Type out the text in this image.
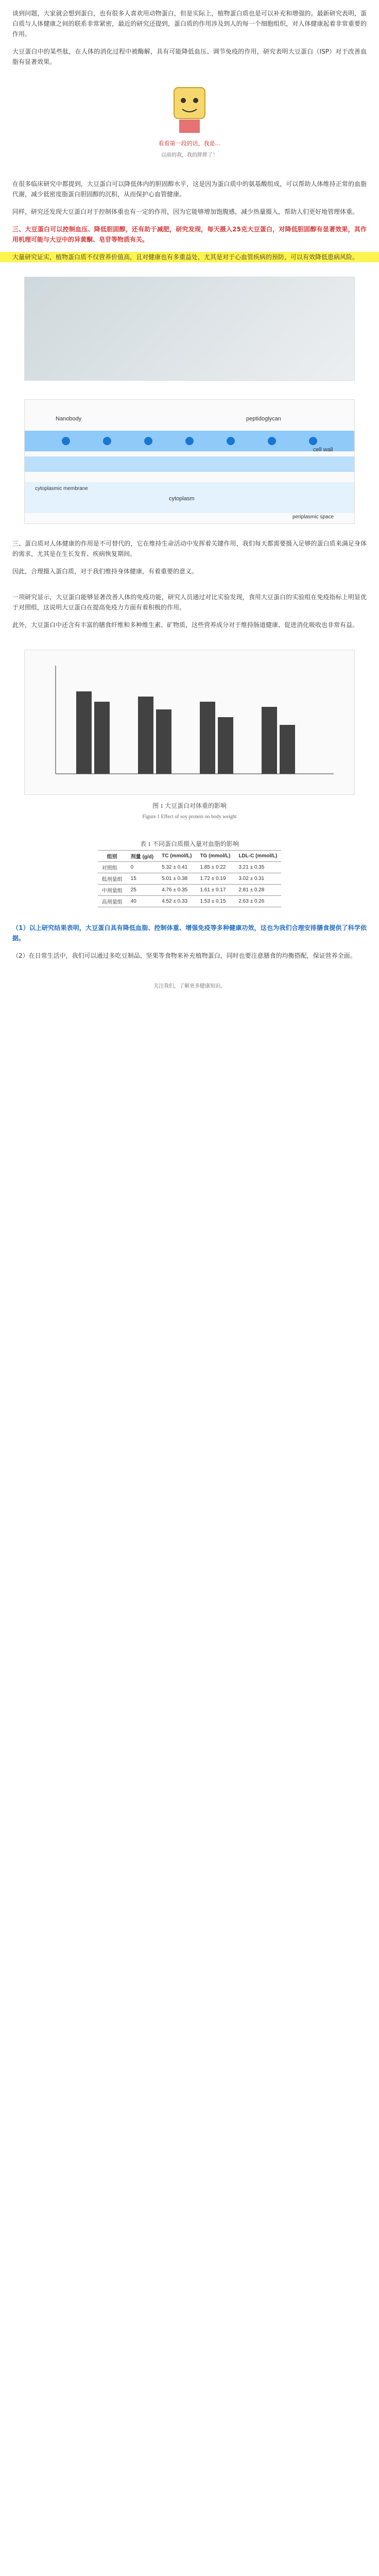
谈到问题，大家就会想到蛋白，也有很多人喜欢用动物蛋白，但是实际上，植物蛋白质也是可以补充和增强的。最新研究表明，蛋白质与人体健康之间的联系非常紧密，最近的研究还提到，蛋白质的作用涉及到人的每一个细胞组织，对人体健康起着非常重要的作用。

大豆蛋白中的某些肽，在人体的消化过程中被酶解，具有可能降低血压、调节免疫的作用，研究表明大豆蛋白（ISP）对于改善血脂有显著效果。

看看第一段的话，我是…
以前的我，我的胖胖了！

在很多临床研究中都提到，大豆蛋白可以降低体内的胆固醇水平，这是因为蛋白质中的氨基酸组成，可以帮助人体维持正常的血脂代谢，减少低密度脂蛋白胆固醇的沉积，从而保护心血管健康。

同样，研究还发现大豆蛋白对于控制体重也有一定的作用，因为它能够增加饱腹感，减少热量摄入，帮助人们更好地管理体重。

三、大豆蛋白可以控制血压、降低胆固醇，还有助于减肥，研究发现，每天摄入25克大豆蛋白，对降低胆固醇有显著效果，其作用机理可能与大豆中的异黄酮、皂苷等物质有关。

大量研究证实，植物蛋白质不仅营养价值高，且对健康也有多重益处，尤其是对于心血管疾病的预防，可以有效降低患病风险。

Nanobody	peptidoglycan
cell wall
cytoplasm
cytoplasmic membrane
periplasmic space

三、蛋白质对人体健康的作用是不可替代的，它在维持生命活动中发挥着关键作用，我们每天都需要摄入足够的蛋白质来满足身体的需求，尤其是在生长发育、疾病恢复期间。

因此，合理摄入蛋白质，对于我们维持身体健康，有着重要的意义。

一项研究显示，大豆蛋白能够显著改善人体的免疫功能，研究人员通过对比实验发现，食用大豆蛋白的实验组在免疫指标上明显优于对照组，这说明大豆蛋白在提高免疫力方面有着积极的作用。

此外，大豆蛋白中还含有丰富的膳食纤维和多种维生素、矿物质，这些营养成分对于维持肠道健康、促进消化吸收也非常有益。

图 1 大豆蛋白对体重的影响
Figure 1 Effect of soy protein on body weight
表 1 不同蛋白质摄入量对血脂的影响
组别	剂量 (g/d)	TC (mmol/L)	TG (mmol/L)	LDL-C (mmol/L)
对照组	0	5.32 ± 0.41	1.85 ± 0.22	3.21 ± 0.35
低剂量组	15	5.01 ± 0.38	1.72 ± 0.19	3.02 ± 0.31
中剂量组	25	4.76 ± 0.35	1.61 ± 0.17	2.81 ± 0.28
高剂量组	40	4.52 ± 0.33	1.53 ± 0.15	2.63 ± 0.26

（1）以上研究结果表明，大豆蛋白具有降低血脂、控制体重、增强免疫等多种健康功效，这也为我们合理安排膳食提供了科学依据。

（2）在日常生活中，我们可以通过多吃豆制品、坚果等食物来补充植物蛋白，同时也要注意膳食的均衡搭配，保证营养全面。

关注我们，了解更多健康知识。
